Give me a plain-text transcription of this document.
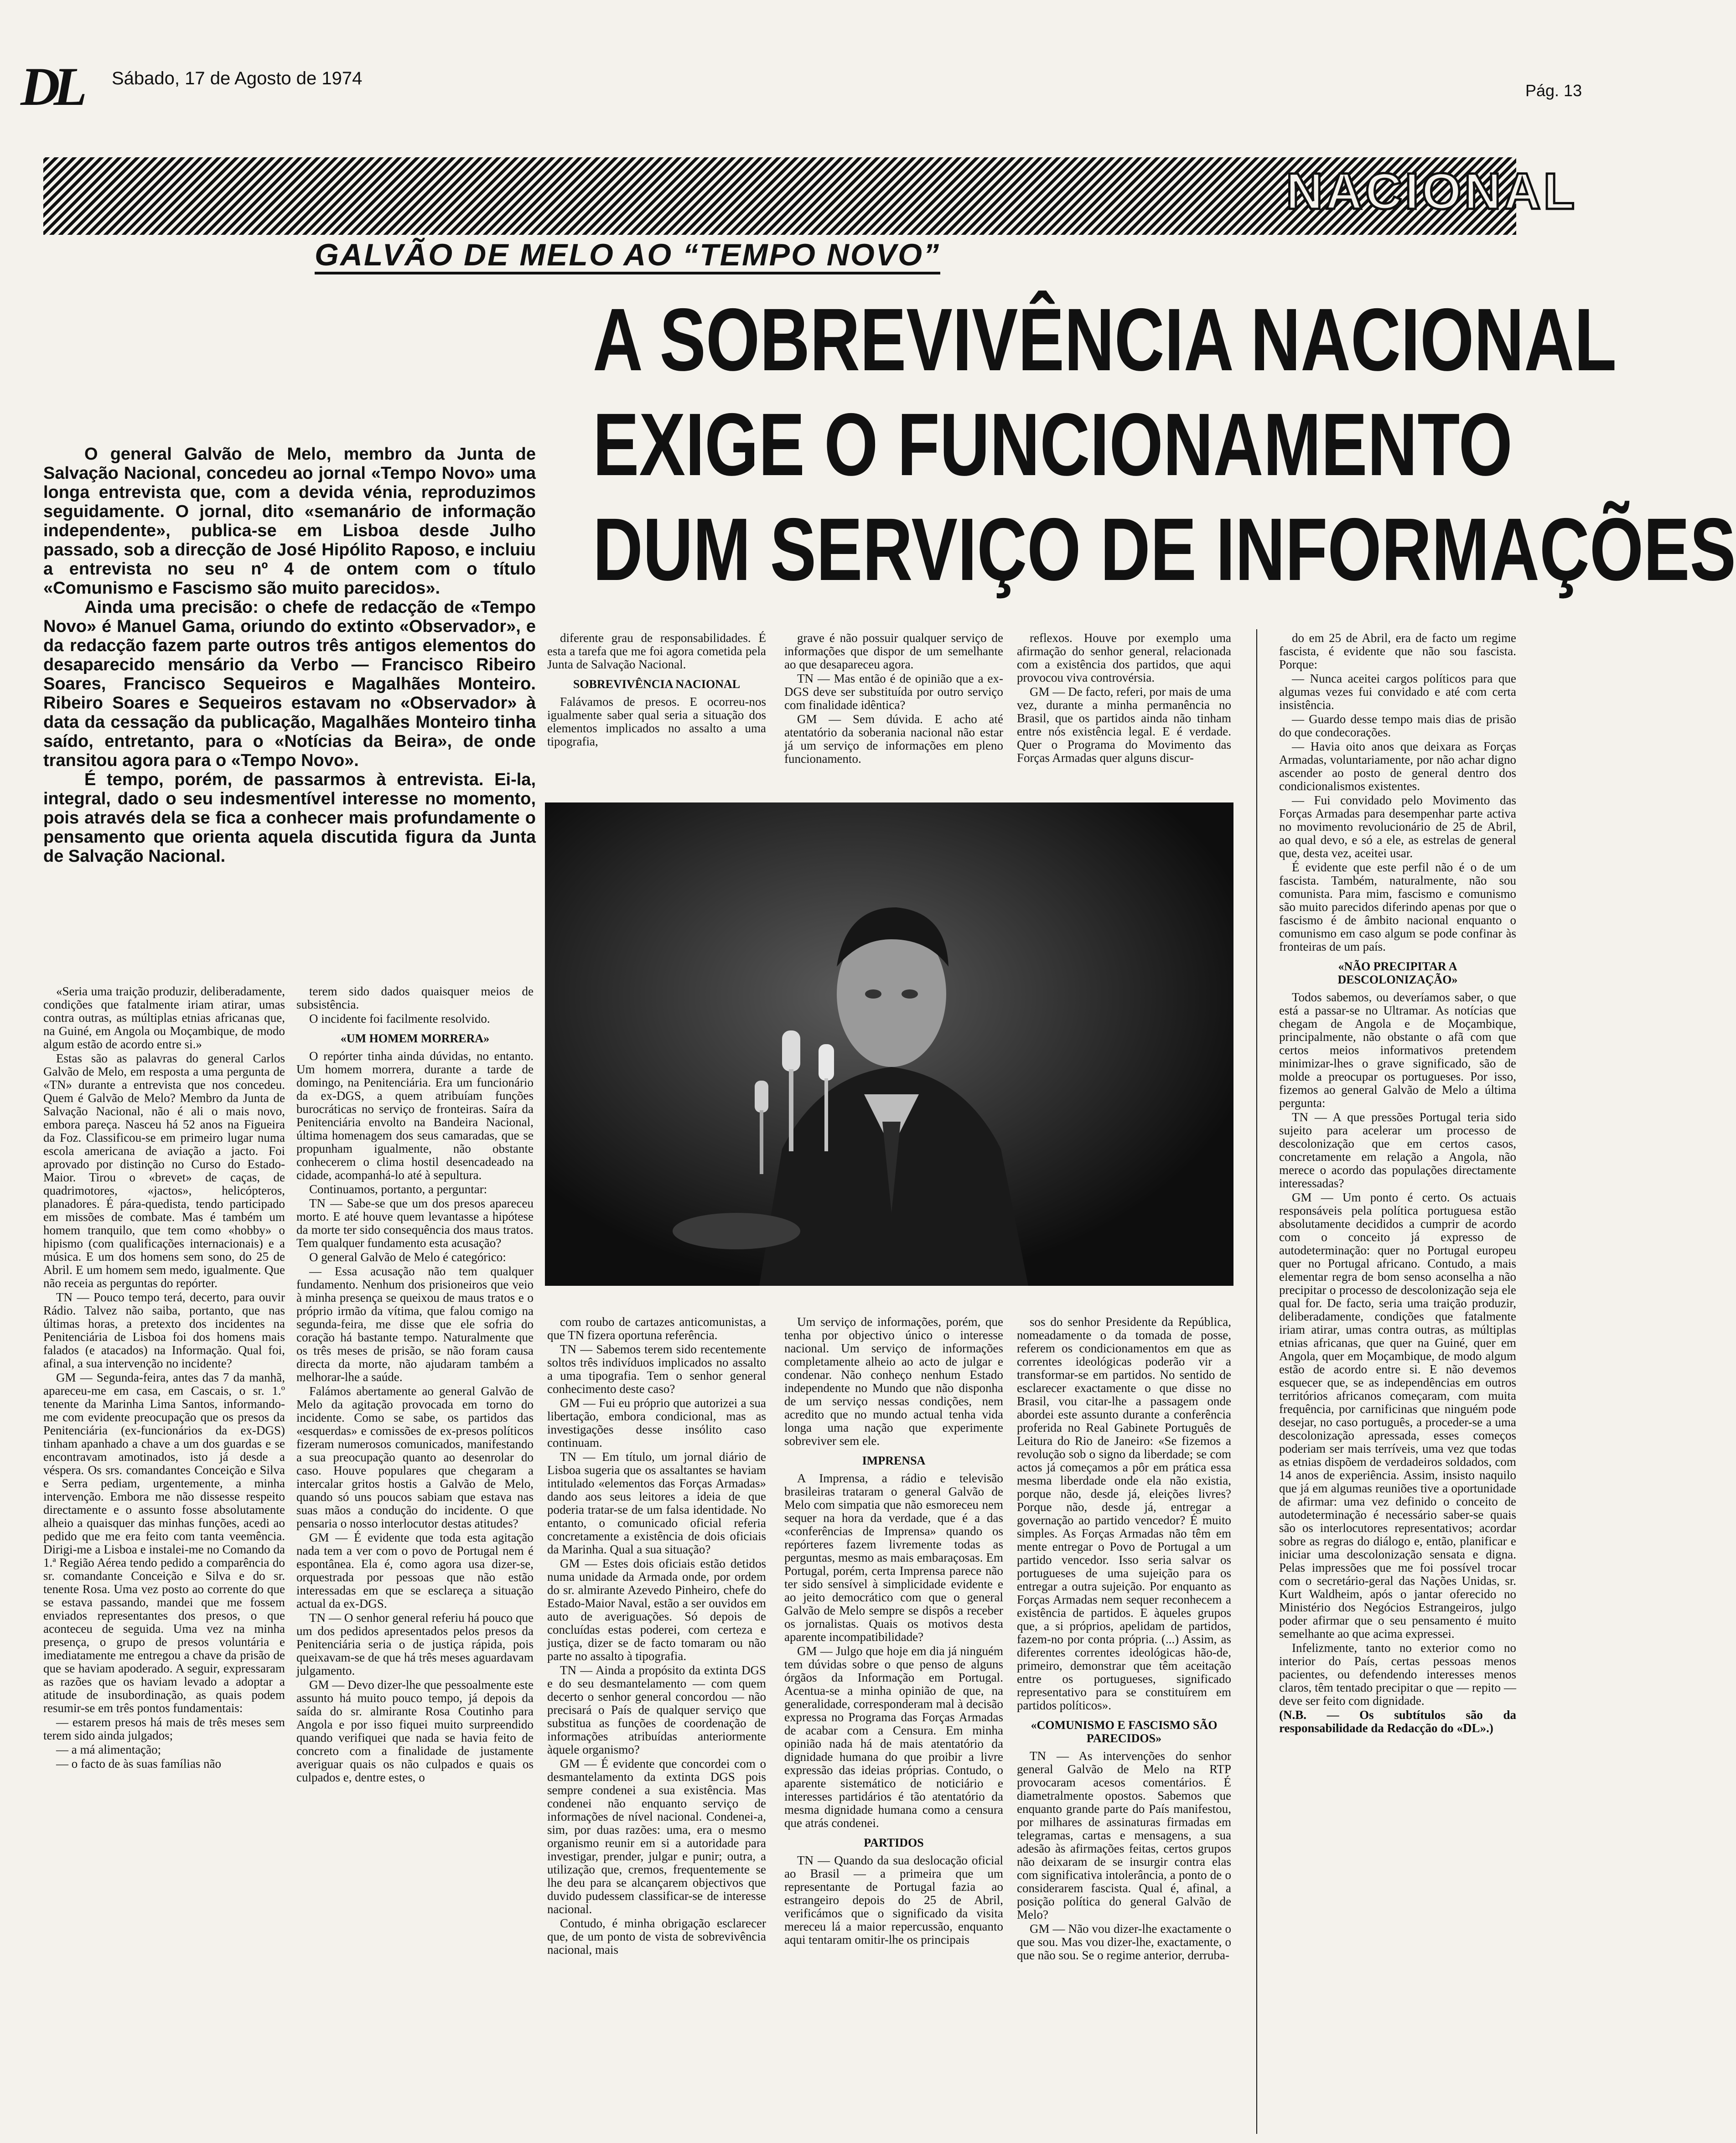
DL	Sábado, 17 de Agosto de 1974
Pág. 13
NACIONAL
GALVÃO DE MELO AO “TEMPO NOVO”
A SOBREVIVÊNCIA NACIONAL
EXIGE O FUNCIONAMENTO
DUM SERVIÇO DE INFORMAÇÕES

O general Galvão de Melo, membro da Junta de Salvação Nacional, concedeu ao jornal «Tempo Novo» uma longa entrevista que, com a devida vénia, reproduzimos seguidamente. O jornal, dito «semanário de informação independente», publica-se em Lisboa desde Julho passado, sob a direcção de José Hipólito Raposo, e incluiu a entrevista no seu nº 4 de ontem com o título «Comunismo e Fascismo são muito parecidos».

Ainda uma precisão: o chefe de redacção de «Tempo Novo» é Manuel Gama, oriundo do extinto «Observador», e da redacção fazem parte outros três antigos elementos do desaparecido mensário da Verbo — Francisco Ribeiro Soares, Francisco Sequeiros e Magalhães Monteiro. Ribeiro Soares e Sequeiros estavam no «Observador» à data da cessação da publicação, Magalhães Monteiro tinha saído, entretanto, para o «Notícias da Beira», de onde transitou agora para o «Tempo Novo».

É tempo, porém, de passarmos à entrevista. Ei-la, integral, dado o seu indesmentível interesse no momento, pois através dela se fica a conhecer mais profundamente o pensamento que orienta aquela discutida figura da Junta de Salvação Nacional.

«Seria uma traição produzir, deliberadamente, condições que fatalmente iriam atirar, umas contra outras, as múltiplas etnias africanas que, na Guiné, em Angola ou Moçambique, de modo algum estão de acordo entre si.»

Estas são as palavras do general Carlos Galvão de Melo, em resposta a uma pergunta de «TN» durante a entrevista que nos concedeu. Quem é Galvão de Melo? Membro da Junta de Salvação Nacional, não é ali o mais novo, embora pareça. Nasceu há 52 anos na Figueira da Foz. Classificou-se em primeiro lugar numa escola americana de aviação a jacto. Foi aprovado por distinção no Curso do Estado-Maior. Tirou o «brevet» de caças, de quadrimotores, «jactos», helicópteros, planadores. É pára-quedista, tendo participado em missões de combate. Mas é também um homem tranquilo, que tem como «hobby» o hipismo (com qualificações internacionais) e a música. E um dos homens sem sono, do 25 de Abril. E um homem sem medo, igualmente. Que não receia as perguntas do repórter.

TN — Pouco tempo terá, decerto, para ouvir Rádio. Talvez não saiba, portanto, que nas últimas horas, a pretexto dos incidentes na Penitenciária de Lisboa foi dos homens mais falados (e atacados) na Informação. Qual foi, afinal, a sua intervenção no incidente?

GM — Segunda-feira, antes das 7 da manhã, apareceu-me em casa, em Cascais, o sr. 1.º tenente da Marinha Lima Santos, informando-me com evidente preocupação que os presos da Penitenciária (ex-funcionários da ex-DGS) tinham apanhado a chave a um dos guardas e se encontravam amotinados, isto já desde a véspera. Os srs. comandantes Conceição e Silva e Serra pediam, urgentemente, a minha intervenção. Embora me não dissesse respeito directamente e o assunto fosse absolutamente alheio a quaisquer das minhas funções, acedi ao pedido que me era feito com tanta veemência. Dirigi-me a Lisboa e instalei-me no Comando da 1.ª Região Aérea tendo pedido a comparência do sr. comandante Conceição e Silva e do sr. tenente Rosa. Uma vez posto ao corrente do que se estava passando, mandei que me fossem enviados representantes dos presos, o que aconteceu de seguida. Uma vez na minha presença, o grupo de presos voluntária e imediatamente me entregou a chave da prisão de que se haviam apoderado. A seguir, expressaram as razões que os haviam levado a adoptar a atitude de insubordinação, as quais podem resumir-se em três pontos fundamentais:

— estarem presos há mais de três meses sem terem sido ainda julgados;

— a má alimentação;

— o facto de às suas famílias não

terem sido dados quaisquer meios de subsistência.

O incidente foi facilmente resolvido.

«UM HOMEM MORRERA»

O repórter tinha ainda dúvidas, no entanto. Um homem morrera, durante a tarde de domingo, na Penitenciária. Era um funcionário da ex-DGS, a quem atribuíam funções burocráticas no serviço de fronteiras. Saíra da Penitenciária envolto na Bandeira Nacional, última homenagem dos seus camaradas, que se propunham igualmente, não obstante conhecerem o clima hostil desencadeado na cidade, acompanhá-lo até à sepultura.

Continuamos, portanto, a perguntar:

TN — Sabe-se que um dos presos apareceu morto. E até houve quem levantasse a hipótese da morte ter sido consequência dos maus tratos. Tem qualquer fundamento esta acusação?

O general Galvão de Melo é categórico:

— Essa acusação não tem qualquer fundamento. Nenhum dos prisioneiros que veio à minha presença se queixou de maus tratos e o próprio irmão da vítima, que falou comigo na segunda-feira, me disse que ele sofria do coração há bastante tempo. Naturalmente que os três meses de prisão, se não foram causa directa da morte, não ajudaram também a melhorar-lhe a saúde.

Falámos abertamente ao general Galvão de Melo da agitação provocada em torno do incidente. Como se sabe, os partidos das «esquerdas» e comissões de ex-presos políticos fizeram numerosos comunicados, manifestando a sua preocupação quanto ao desenrolar do caso. Houve populares que chegaram a intercalar gritos hostis a Galvão de Melo, quando só uns poucos sabiam que estava nas suas mãos a condução do incidente. O que pensaria o nosso interlocutor destas atitudes?

GM — É evidente que toda esta agitação nada tem a ver com o povo de Portugal nem é espontânea. Ela é, como agora usa dizer-se, orquestrada por pessoas que não estão interessadas em que se esclareça a situação actual da ex-DGS.

TN — O senhor general referiu há pouco que um dos pedidos apresentados pelos presos da Penitenciária seria o de justiça rápida, pois queixavam-se de que há três meses aguardavam julgamento.

GM — Devo dizer-lhe que pessoalmente este assunto há muito pouco tempo, já depois da saída do sr. almirante Rosa Coutinho para Angola e por isso fiquei muito surpreendido quando verifiquei que nada se havia feito de concreto com a finalidade de justamente averiguar quais os não culpados e quais os culpados e, dentre estes, o

diferente grau de responsabilidades. É esta a tarefa que me foi agora cometida pela Junta de Salvação Nacional.

SOBREVIVÊNCIA NACIONAL

Falávamos de presos. E ocorreu-nos igualmente saber qual seria a situação dos elementos implicados no assalto a uma tipografia,

grave é não possuir qualquer serviço de informações que dispor de um semelhante ao que desapareceu agora.

TN — Mas então é de opinião que a ex-DGS deve ser substituída por outro serviço com finalidade idêntica?

GM — Sem dúvida. E acho até atentatório da soberania nacional não estar já um serviço de informações em pleno funcionamento.

reflexos. Houve por exemplo uma afirmação do senhor general, relacionada com a existência dos partidos, que aqui provocou viva controvérsia.

GM — De facto, referi, por mais de uma vez, durante a minha permanência no Brasil, que os partidos ainda não tinham entre nós existência legal. E é verdade. Quer o Programa do Movimento das Forças Armadas quer alguns discur-

com roubo de cartazes anticomunistas, a que TN fizera oportuna referência.

TN — Sabemos terem sido recentemente soltos três indivíduos implicados no assalto a uma tipografia. Tem o senhor general conhecimento deste caso?

GM — Fui eu próprio que autorizei a sua libertação, embora condicional, mas as investigações desse insólito caso continuam.

TN — Em título, um jornal diário de Lisboa sugeria que os assaltantes se haviam intitulado «elementos das Forças Armadas» dando aos seus leitores a ideia de que poderia tratar-se de um falsa identidade. No entanto, o comunicado oficial referia concretamente a existência de dois oficiais da Marinha. Qual a sua situação?

GM — Estes dois oficiais estão detidos numa unidade da Armada onde, por ordem do sr. almirante Azevedo Pinheiro, chefe do Estado-Maior Naval, estão a ser ouvidos em auto de averiguações. Só depois de concluídas estas poderei, com certeza e justiça, dizer se de facto tomaram ou não parte no assalto à tipografia.

TN — Ainda a propósito da extinta DGS e do seu desmantelamento — com quem decerto o senhor general concordou — não precisará o País de qualquer serviço que substitua as funções de coordenação de informações atribuídas anteriormente àquele organismo?

GM — É evidente que concordei com o desmantelamento da extinta DGS pois sempre condenei a sua existência. Mas condenei não enquanto serviço de informações de nível nacional. Condenei-a, sim, por duas razões: uma, era o mesmo organismo reunir em si a autoridade para investigar, prender, julgar e punir; outra, a utilização que, cremos, frequentemente se lhe deu para se alcançarem objectivos que duvido pudessem classificar-se de interesse nacional.

Contudo, é minha obrigação esclarecer que, de um ponto de vista de sobrevivência nacional, mais

Um serviço de informações, porém, que tenha por objectivo único o interesse nacional. Um serviço de informações completamente alheio ao acto de julgar e condenar. Não conheço nenhum Estado independente no Mundo que não disponha de um serviço nessas condições, nem acredito que no mundo actual tenha vida longa uma nação que experimente sobreviver sem ele.

IMPRENSA

A Imprensa, a rádio e televisão brasileiras trataram o general Galvão de Melo com simpatia que não esmoreceu nem sequer na hora da verdade, que é a das «conferências de Imprensa» quando os repórteres fazem livremente todas as perguntas, mesmo as mais embaraçosas. Em Portugal, porém, certa Imprensa parece não ter sido sensível à simplicidade evidente e ao jeito democrático com que o general Galvão de Melo sempre se dispôs a receber os jornalistas. Quais os motivos desta aparente incompatibilidade?

GM — Julgo que hoje em dia já ninguém tem dúvidas sobre o que penso de alguns órgãos da Informação em Portugal. Acentua-se a minha opinião de que, na generalidade, corresponderam mal à decisão expressa no Programa das Forças Armadas de acabar com a Censura. Em minha opinião nada há de mais atentatório da dignidade humana do que proibir a livre expressão das ideias próprias. Contudo, o aparente sistemático de noticiário e interesses partidários é tão atentatório da mesma dignidade humana como a censura que atrás condenei.

PARTIDOS

TN — Quando da sua deslocação oficial ao Brasil — a primeira que um representante de Portugal fazia ao estrangeiro depois do 25 de Abril, verificámos que o significado da visita mereceu lá a maior repercussão, enquanto aqui tentaram omitir-lhe os principais

sos do senhor Presidente da República, nomeadamente o da tomada de posse, referem os condicionamentos em que as correntes ideológicas poderão vir a transformar-se em partidos. No sentido de esclarecer exactamente o que disse no Brasil, vou citar-lhe a passagem onde abordei este assunto durante a conferência proferida no Real Gabinete Português de Leitura do Rio de Janeiro: «Se fizemos a revolução sob o signo da liberdade; se com actos já começamos a pôr em prática essa mesma liberdade onde ela não existia, porque não, desde já, eleições livres? Porque não, desde já, entregar a governação ao partido vencedor? É muito simples. As Forças Armadas não têm em mente entregar o Povo de Portugal a um partido vencedor. Isso seria salvar os portugueses de uma sujeição para os entregar a outra sujeição. Por enquanto as Forças Armadas nem sequer reconhecem a existência de partidos. E àqueles grupos que, a si próprios, apelidam de partidos, fazem-no por conta própria. (...) Assim, as diferentes correntes ideológicas hão-de, primeiro, demonstrar que têm aceitação entre os portugueses, significado representativo para se constituírem em partidos políticos».

«COMUNISMO E FASCISMO SÃO PARECIDOS»

TN — As intervenções do senhor general Galvão de Melo na RTP provocaram acesos comentários. É diametralmente opostos. Sabemos que enquanto grande parte do País manifestou, por milhares de assinaturas firmadas em telegramas, cartas e mensagens, a sua adesão às afirmações feitas, certos grupos não deixaram de se insurgir contra elas com significativa intolerância, a ponto de o considerarem fascista. Qual é, afinal, a posição política do general Galvão de Melo?

GM — Não vou dizer-lhe exactamente o que sou. Mas vou dizer-lhe, exactamente, o que não sou. Se o regime anterior, derruba-

do em 25 de Abril, era de facto um regime fascista, é evidente que não sou fascista. Porque:

— Nunca aceitei cargos políticos para que algumas vezes fui convidado e até com certa insistência.

— Guardo desse tempo mais dias de prisão do que condecorações.

— Havia oito anos que deixara as Forças Armadas, voluntariamente, por não achar digno ascender ao posto de general dentro dos condicionalismos existentes.

— Fui convidado pelo Movimento das Forças Armadas para desempenhar parte activa no movimento revolucionário de 25 de Abril, ao qual devo, e só a ele, as estrelas de general que, desta vez, aceitei usar.

É evidente que este perfil não é o de um fascista. Também, naturalmente, não sou comunista. Para mim, fascismo e comunismo são muito parecidos diferindo apenas por que o fascismo é de âmbito nacional enquanto o comunismo em caso algum se pode confinar às fronteiras de um país.

«NÃO PRECIPITAR A DESCOLONIZAÇÃO»

Todos sabemos, ou deveríamos saber, o que está a passar-se no Ultramar. As notícias que chegam de Angola e de Moçambique, principalmente, não obstante o afã com que certos meios informativos pretendem minimizar-lhes o grave significado, são de molde a preocupar os portugueses. Por isso, fizemos ao general Galvão de Melo a última pergunta:

TN — A que pressões Portugal teria sido sujeito para acelerar um processo de descolonização que em certos casos, concretamente em relação a Angola, não merece o acordo das populações directamente interessadas?

GM — Um ponto é certo. Os actuais responsáveis pela política portuguesa estão absolutamente decididos a cumprir de acordo com o conceito já expresso de autodeterminação: quer no Portugal europeu quer no Portugal africano. Contudo, a mais elementar regra de bom senso aconselha a não precipitar o processo de descolonização seja ele qual for. De facto, seria uma traição produzir, deliberadamente, condições que fatalmente iriam atirar, umas contra outras, as múltiplas etnias africanas, que quer na Guiné, quer em Angola, quer em Moçambique, de modo algum estão de acordo entre si. E não devemos esquecer que, se as independências em outros territórios africanos começaram, com muita frequência, por carnificinas que ninguém pode desejar, no caso português, a proceder-se a uma descolonização apressada, esses começos poderiam ser mais terríveis, uma vez que todas as etnias dispõem de verdadeiros soldados, com 14 anos de experiência. Assim, insisto naquilo que já em algumas reuniões tive a oportunidade de afirmar: uma vez definido o conceito de autodeterminação é necessário saber-se quais são os interlocutores representativos; acordar sobre as regras do diálogo e, então, planificar e iniciar uma descolonização sensata e digna. Pelas impressões que me foi possível trocar com o secretário-geral das Nações Unidas, sr. Kurt Waldheim, após o jantar oferecido no Ministério dos Negócios Estrangeiros, julgo poder afirmar que o seu pensamento é muito semelhante ao que acima expressei.

Infelizmente, tanto no exterior como no interior do País, certas pessoas menos pacientes, ou defendendo interesses menos claros, têm tentado precipitar o que — repito — deve ser feito com dignidade.

(N.B. — Os subtítulos são da responsabilidade da Redacção do «DL».)
